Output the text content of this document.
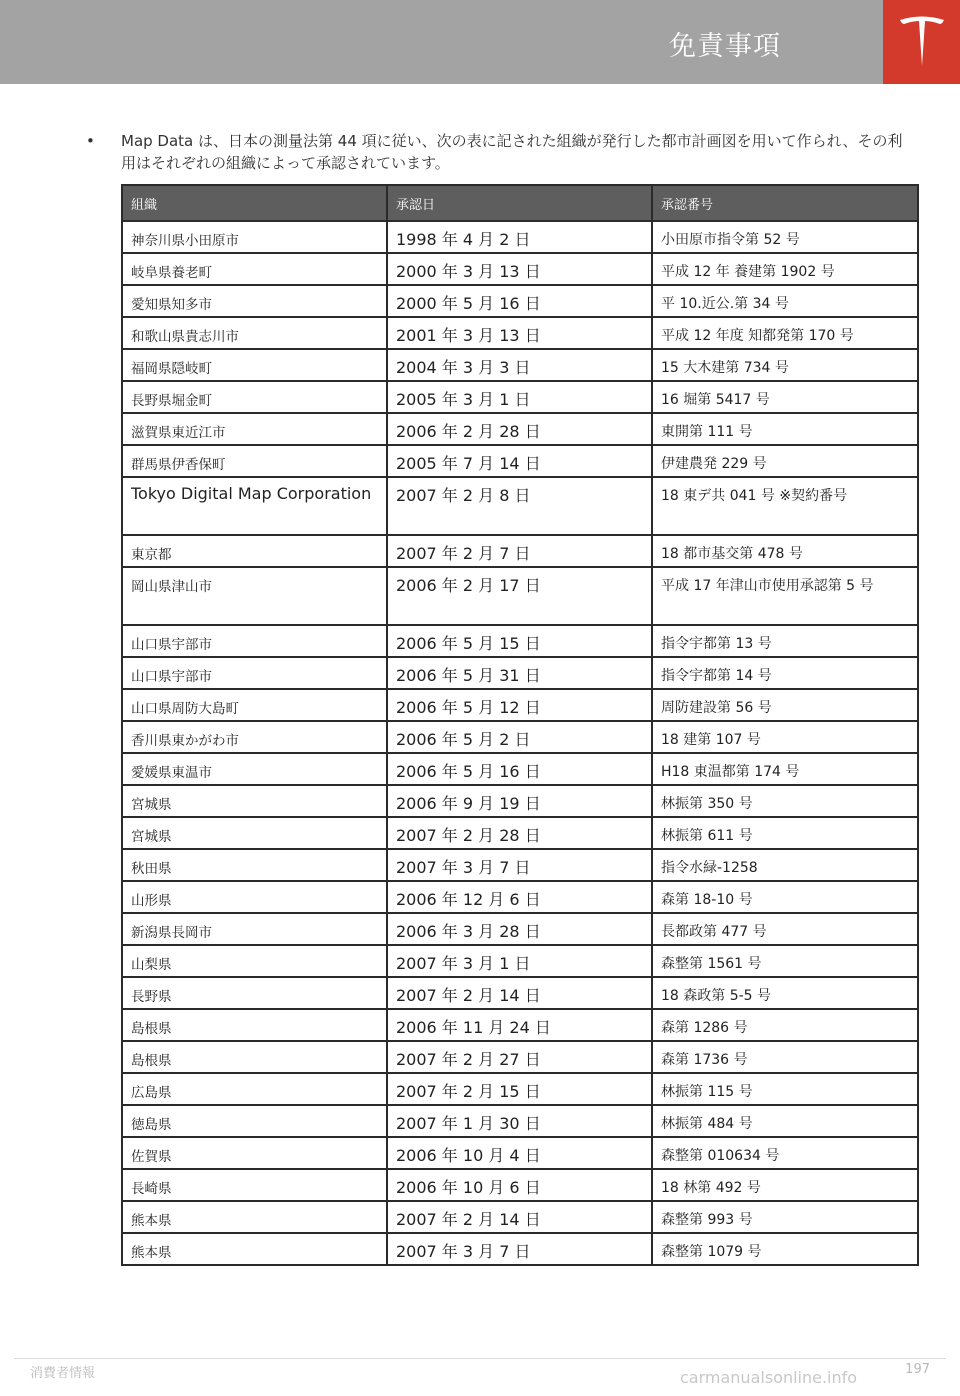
免責事項
• Map Data は、日本の測量法第 44 項に従い、次の表に記された組織が発行した都市計画図を用いて作られ、その利用はそれぞれの組織によって承認されています。
組織	承認日	承認番号
神奈川県小田原市	1998 年 4 月 2 日	小田原市指令第 52 号
岐阜県養老町	2000 年 3 月 13 日	平成 12 年 養建第 1902 号
愛知県知多市	2000 年 5 月 16 日	平 10.近公.第 34 号
和歌山県貴志川市	2001 年 3 月 13 日	平成 12 年度 知都発第 170 号
福岡県隠岐町	2004 年 3 月 3 日	15 大木建第 734 号
長野県堀金町	2005 年 3 月 1 日	16 堀第 5417 号
滋賀県東近江市	2006 年 2 月 28 日	東開第 111 号
群馬県伊香保町	2005 年 7 月 14 日	伊建農発 229 号
Tokyo Digital Map Corporation	2007 年 2 月 8 日	18 東デ共 041 号 ※契約番号
東京都	2007 年 2 月 7 日	18 都市基交第 478 号
岡山県津山市	2006 年 2 月 17 日	平成 17 年津山市使用承認第 5 号
山口県宇部市	2006 年 5 月 15 日	指令宇都第 13 号
山口県宇部市	2006 年 5 月 31 日	指令宇都第 14 号
山口県周防大島町	2006 年 5 月 12 日	周防建設第 56 号
香川県東かがわ市	2006 年 5 月 2 日	18 建第 107 号
愛媛県東温市	2006 年 5 月 16 日	H18 東温都第 174 号
宮城県	2006 年 9 月 19 日	林振第 350 号
宮城県	2007 年 2 月 28 日	林振第 611 号
秋田県	2007 年 3 月 7 日	指令水緑-1258
山形県	2006 年 12 月 6 日	森第 18-10 号
新潟県長岡市	2006 年 3 月 28 日	長都政第 477 号
山梨県	2007 年 3 月 1 日	森整第 1561 号
長野県	2007 年 2 月 14 日	18 森政第 5-5 号
島根県	2006 年 11 月 24 日	森第 1286 号
島根県	2007 年 2 月 27 日	森第 1736 号
広島県	2007 年 2 月 15 日	林振第 115 号
徳島県	2007 年 1 月 30 日	林振第 484 号
佐賀県	2006 年 10 月 4 日	森整第 010634 号
長崎県	2006 年 10 月 6 日	18 林第 492 号
熊本県	2007 年 2 月 14 日	森整第 993 号
熊本県	2007 年 3 月 7 日	森整第 1079 号
消費者情報	197
carmanualsonline.info
